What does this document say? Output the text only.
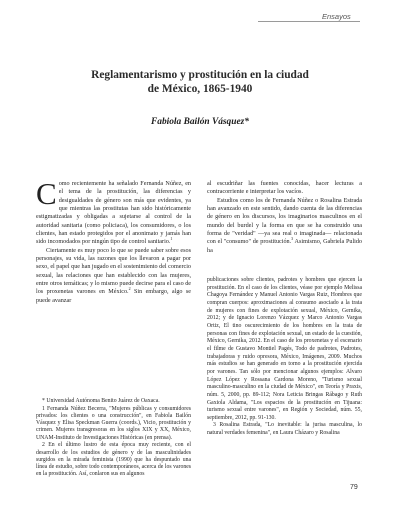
Ensayos
Reglamentarismo y prostitución en la ciudad
de México, 1865-1940
Fabiola Bailón Vásquez*

Como recientemente ha señalado Fernanda Núñez, en el tema de la prostitución, las diferencias y desigualdades de género son más que evidentes, ya que mientras las prostitutas han sido históricamente estigmatizadas y obligadas a sujetarse al control de la autoridad sanitaria (como policiaca), los consumidores, o los clientes, han estado protegidos por el anonimato y jamás han sido incomodados por ningún tipo de control sanitario.$^1$

Ciertamente es muy poco lo que se puede saber sobre esos personajes, su vida, las razones que los llevaron a pagar por sexo, el papel que han jugado en el sostenimiento del comercio sexual, las relaciones que han establecido con las mujeres, entre otros temáticas; y lo mismo puede decirse para el caso de los proxenetas varones en México.$^2$ Sin embargo, algo se puede avanzar

al escudriñar las fuentes conocidas, hacer lecturas a contracorriente e interpretar los vacíos.

Estudios como los de Fernanda Núñez o Rosalina Estrada han avanzado en este sentido, dando cuenta de las diferencias de género en los discursos, los imaginarios masculinos en el mundo del burdel y la forma en que se ha construido una forma de "veridad" —ya sea real o imaginada— relacionada con el "consumo" de prostitución.$^3$ Asimismo, Gabriela Pulido ha

* Universidad Autónoma Benito Juárez de Oaxaca.

1 Fernanda Núñez Becerra, "Mujeres públicas y consumidores privados: los clientes o una construcción", en Fabiola Bailón Vásquez y Elisa Speckman Guerra (coords.), Vicio, prostitución y crimen. Mujeres transgresoras en los siglos XIX y XX, México, UNAM-Instituto de Investigaciones Históricas (en prensa).

2 En el último lustro de esta época muy reciente, con el desarrollo de los estudios de género y de las masculinidades surgidos en la mirada feminista (1990) que ha despuntado una línea de estudio, sobre todo contemporáneos, acerca de los varones en la prostitución. Así, conlaron sus en algunos

publicaciones sobre clientes, padrotes y hombres que ejercen la prostitución. En el caso de los clientes, véase por ejemplo Melissa Chagoya Fernández y Manuel Antonio Vargas Ruiz, Hombres que compran cuerpos: aproximaciones al consumo asociado a la trata de mujeres con fines de explotación sexual, México, Gernika, 2012; y de Ignacio Lorenzo Vázquez y Marco Antonio Vargas Ortiz, El tino oscurecimiento de los hombres en la trata de personas con fines de explotación sexual, un estado de la cuestión, México, Gernika, 2012. En el caso de los proxenetas y el escenario el filme de Gustavo Montiel Pagés, Todo de padrotes, Padrotes, trabajadoras y ruido opresora, México, Imágenes, 2009. Muchos más estudios se han generado en torno a la prostitución ejercida por varones. Tan sólo por mencionar algunos ejemplos: Alvaro López López y Rossana Cardona Moreno, "Turismo sexual masculino-masculino en la ciudad de México", en Teoría y Praxis, núm. 5, 2000, pp. 89-112; Nora Leticia Bringas Rábago y Ruth Gaxiola Aldama, "Los espacios de la prostitución en Tijuana: turismo sexual entre varones", en Región y Sociedad, núm. 55, septiembre, 2012, pp. 91-130.

3 Rosalina Estrada, "Lo inevitable: la jurisa masculina, lo natural verdades femenina", en Laura Cházaro y Rosalina

79
